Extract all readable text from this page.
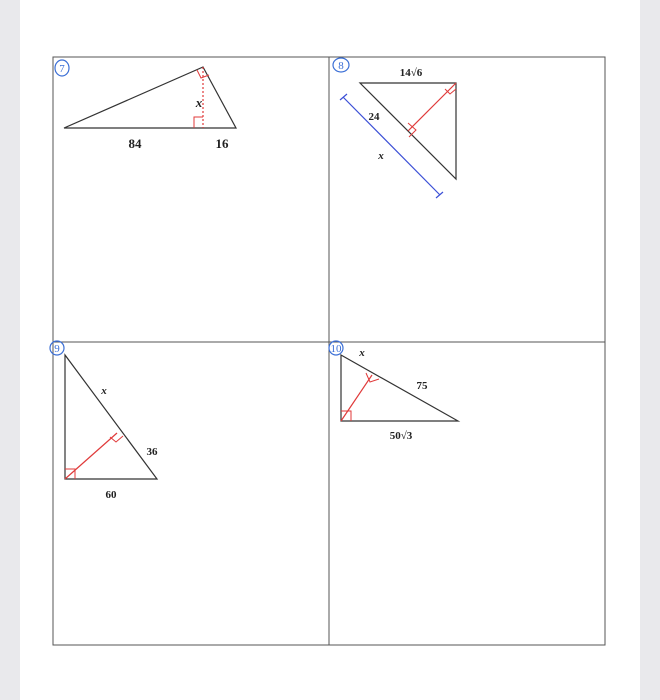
7
84	16
x
8
14√6
24
x
9
x
36
60
10 x
75
50√3
